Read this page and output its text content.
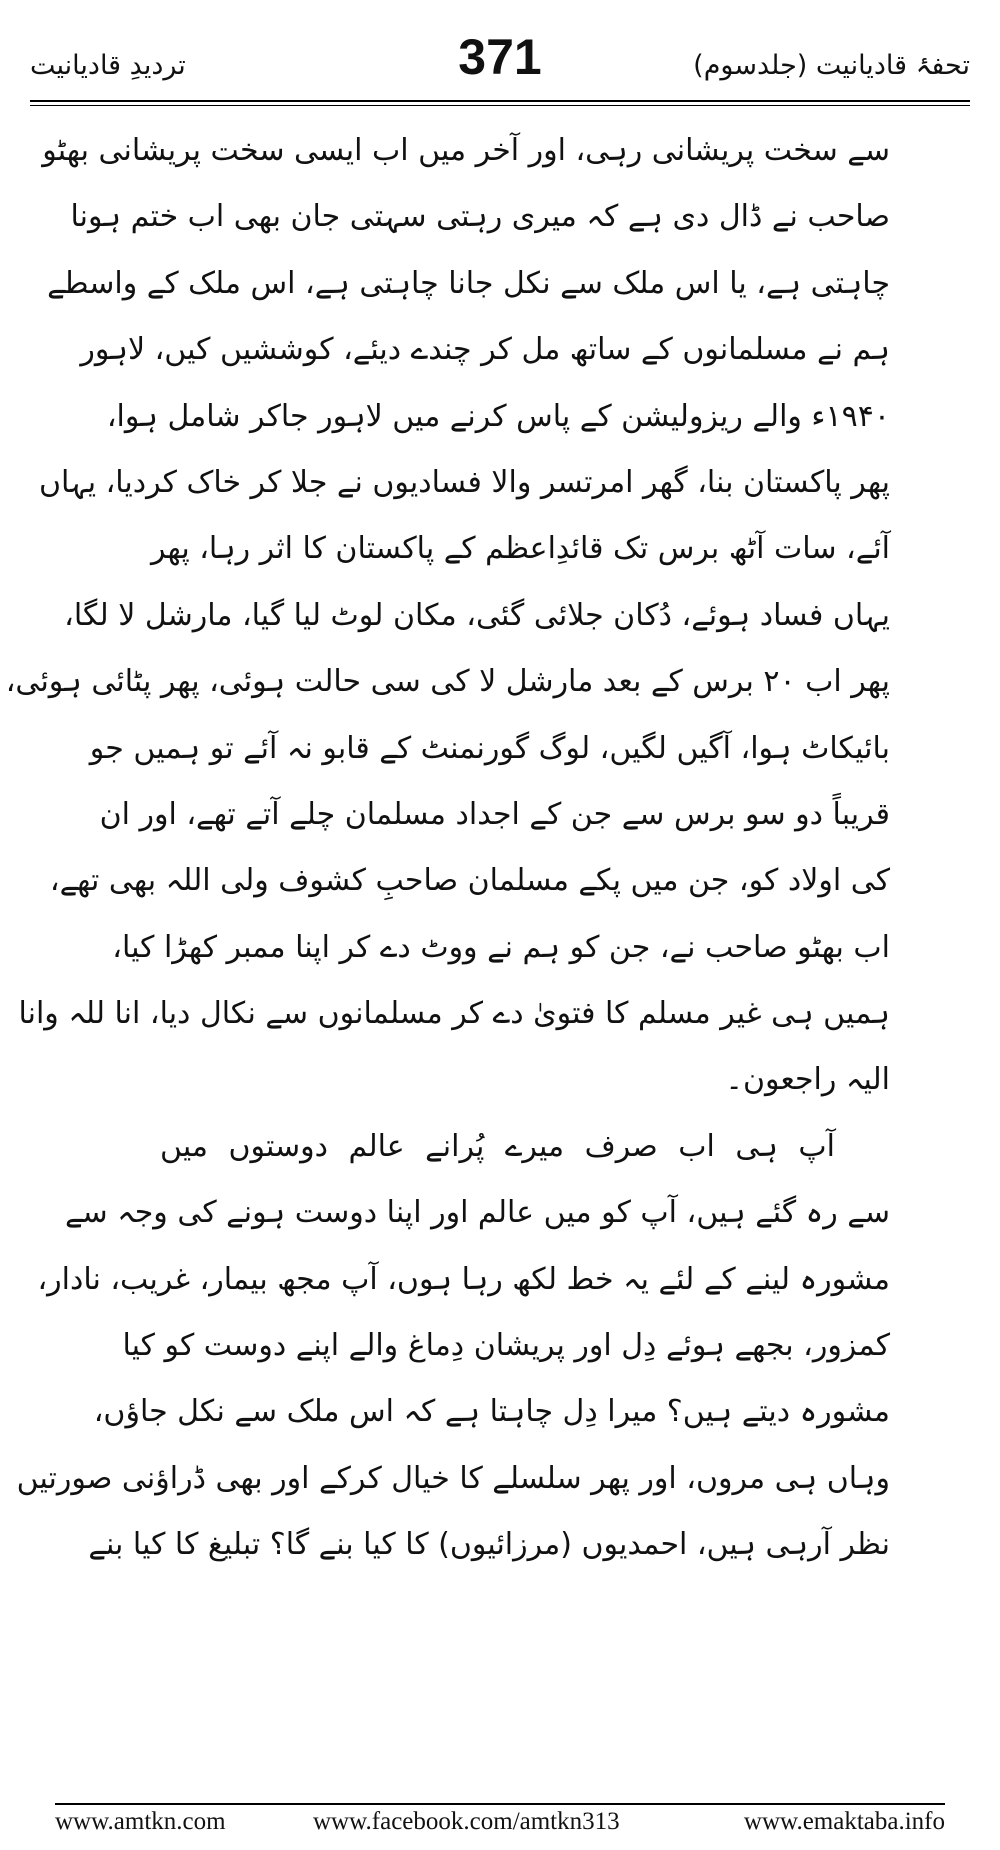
تحفۂ قادیانیت (جلدسوم)
371
تردیدِ قادیانیت
سے سخت پریشانی رہی، اور آخر میں اب ایسی سخت پریشانی بھٹو
صاحب نے ڈال دی ہے کہ میری رہتی سہتی جان بھی اب ختم ہونا
چاہتی ہے، یا اس ملک سے نکل جانا چاہتی ہے، اس ملک کے واسطے
ہم نے مسلمانوں کے ساتھ مل کر چندے دیئے، کوششیں کیں، لاہور
۱۹۴۰ء والے ریزولیشن کے پاس کرنے میں لاہور جاکر شامل ہوا،
پھر پاکستان بنا، گھر امرتسر والا فسادیوں نے جلا کر خاک کردیا، یہاں
آئے، سات آٹھ برس تک قائدِاعظم کے پاکستان کا اثر رہا، پھر
یہاں فساد ہوئے، دُکان جلائی گئی، مکان لوٹ لیا گیا، مارشل لا لگا،
پھر اب ۲۰ برس کے بعد مارشل لا کی سی حالت ہوئی، پھر پٹائی ہوئی،
بائیکاٹ ہوا، آگیں لگیں، لوگ گورنمنٹ کے قابو نہ آئے تو ہمیں جو
قریباً دو سو برس سے جن کے اجداد مسلمان چلے آتے تھے، اور ان
کی اولاد کو، جن میں پکے مسلمان صاحبِ کشوف ولی اللہ بھی تھے،
اب بھٹو صاحب نے، جن کو ہم نے ووٹ دے کر اپنا ممبر کھڑا کیا،
ہمیں ہی غیر مسلم کا فتویٰ دے کر مسلمانوں سے نکال دیا، انا للہ وانا
الیہ راجعون۔
آپ ہی اب صرف میرے پُرانے عالم دوستوں میں
سے رہ گئے ہیں، آپ کو میں عالم اور اپنا دوست ہونے کی وجہ سے
مشورہ لینے کے لئے یہ خط لکھ رہا ہوں، آپ مجھ بیمار، غریب، نادار،
کمزور، بجھے ہوئے دِل اور پریشان دِماغ والے اپنے دوست کو کیا
مشورہ دیتے ہیں؟ میرا دِل چاہتا ہے کہ اس ملک سے نکل جاؤں،
وہاں ہی مروں، اور پھر سلسلے کا خیال کرکے اور بھی ڈراؤنی صورتیں
نظر آرہی ہیں، احمدیوں (مرزائیوں) کا کیا بنے گا؟ تبلیغ کا کیا بنے
www.amtkn.com	www.facebook.com/amtkn313	www.emaktaba.info
